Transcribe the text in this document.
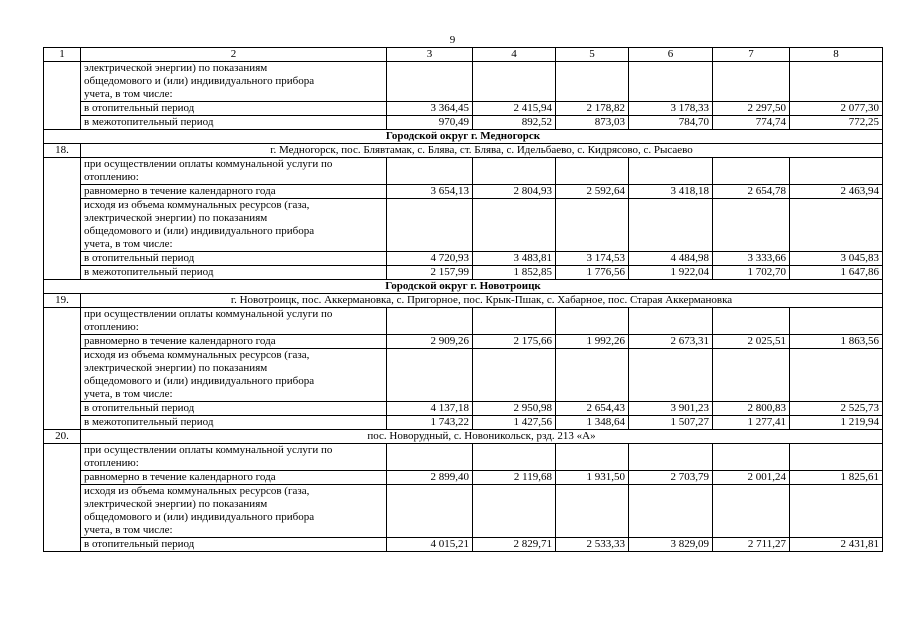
9
1	2	3	4	5	6	7	8

	электрической энергии) по показаниям
общедомового и (или) индивидуального прибора
учета, в том числе:						

	в отопительный период	3 364,45	2 415,94	2 178,82	3 178,33	2 297,50	2 077,30

	в межотопительный период	970,49	892,52	873,03	784,70	774,74	772,25
Городской округ г. Медногорск							
18.	г. Медногорск, пос. Блявтамак, с. Блява, ст. Блява, с. Идельбаево, с. Кидрясово, с. Рысаево						

	при осуществлении оплаты коммунальной услуги по
отоплению:						

	равномерно в течение календарного года	3 654,13	2 804,93	2 592,64	3 418,18	2 654,78	2 463,94

	исходя из объема коммунальных ресурсов (газа,
электрической энергии) по показаниям
общедомового и (или) индивидуального прибора
учета, в том числе:						

	в отопительный период	4 720,93	3 483,81	3 174,53	4 484,98	3 333,66	3 045,83

	в межотопительный период	2 157,99	1 852,85	1 776,56	1 922,04	1 702,70	1 647,86
Городской округ г. Новотроицк							
19.	г. Новотроицк, пос. Аккермановка, с. Пригорное, пос. Крык-Пшак, с. Хабарное, пос. Старая Аккермановка						

	при осуществлении оплаты коммунальной услуги по
отоплению:						

	равномерно в течение календарного года	2 909,26	2 175,66	1 992,26	2 673,31	2 025,51	1 863,56

	исходя из объема коммунальных ресурсов (газа,
электрической энергии) по показаниям
общедомового и (или) индивидуального прибора
учета, в том числе:						

	в отопительный период	4 137,18	2 950,98	2 654,43	3 901,23	2 800,83	2 525,73

	в межотопительный период	1 743,22	1 427,56	1 348,64	1 507,27	1 277,41	1 219,94
20.	пос. Новорудный, с. Новоникольск, рзд. 213 «А»						

	при осуществлении оплаты коммунальной услуги по
отоплению:						

	равномерно в течение календарного года	2 899,40	2 119,68	1 931,50	2 703,79	2 001,24	1 825,61

	исходя из объема коммунальных ресурсов (газа,
электрической энергии) по показаниям
общедомового и (или) индивидуального прибора
учета, в том числе:						

	в отопительный период	4 015,21	2 829,71	2 533,33	3 829,09	2 711,27	2 431,81
